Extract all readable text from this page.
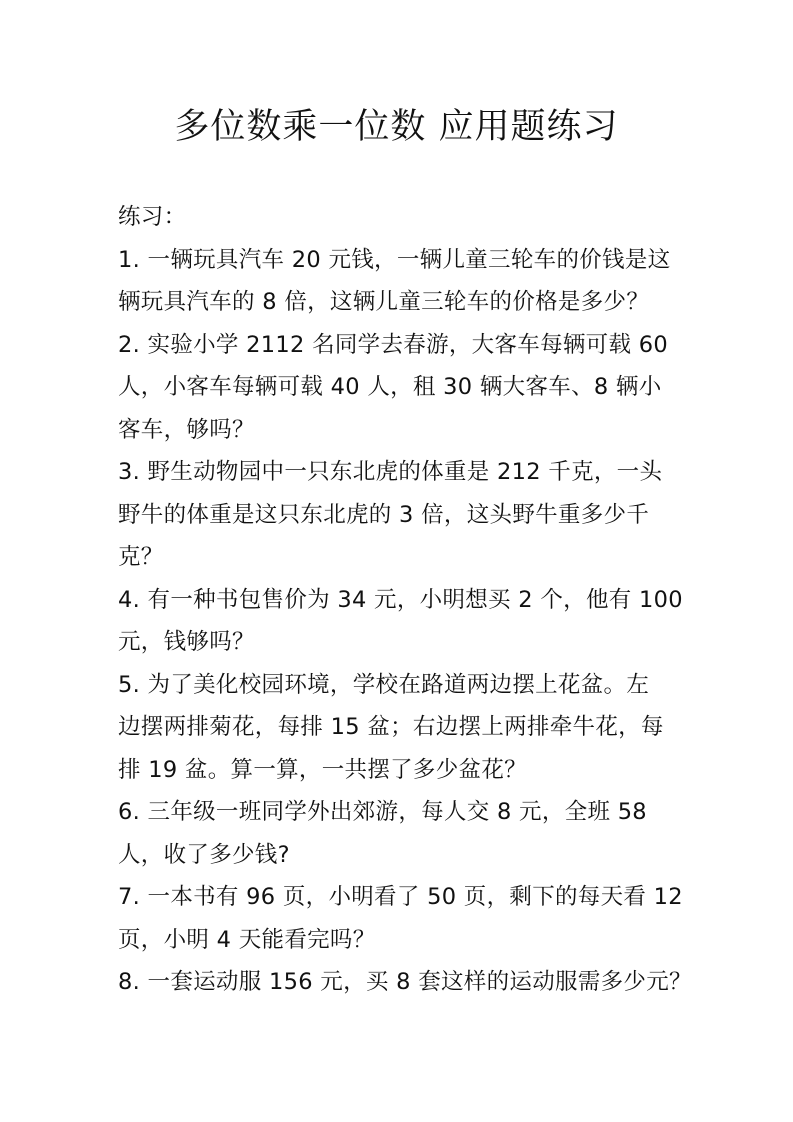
多位数乘一位数 应用题练习
练习：
1. 一辆玩具汽车 20 元钱，一辆儿童三轮车的价钱是这
辆玩具汽车的 8 倍，这辆儿童三轮车的价格是多少？
2. 实验小学 2112 名同学去春游，大客车每辆可载 60
人，小客车每辆可载 40 人，租 30 辆大客车、8 辆小
客车，够吗？
3. 野生动物园中一只东北虎的体重是 212 千克，一头
野牛的体重是这只东北虎的 3 倍，这头野牛重多少千
克？
4. 有一种书包售价为 34 元，小明想买 2 个，他有 100
元，钱够吗？
5. 为了美化校园环境，学校在路道两边摆上花盆。左
边摆两排菊花，每排 15 盆；右边摆上两排牵牛花，每
排 19 盆。算一算，一共摆了多少盆花？
6. 三年级一班同学外出郊游，每人交 8 元，全班 58
人，收了多少钱?
7. 一本书有 96 页，小明看了 50 页，剩下的每天看 12
页，小明 4 天能看完吗？
8. 一套运动服 156 元，买 8 套这样的运动服需多少元？
